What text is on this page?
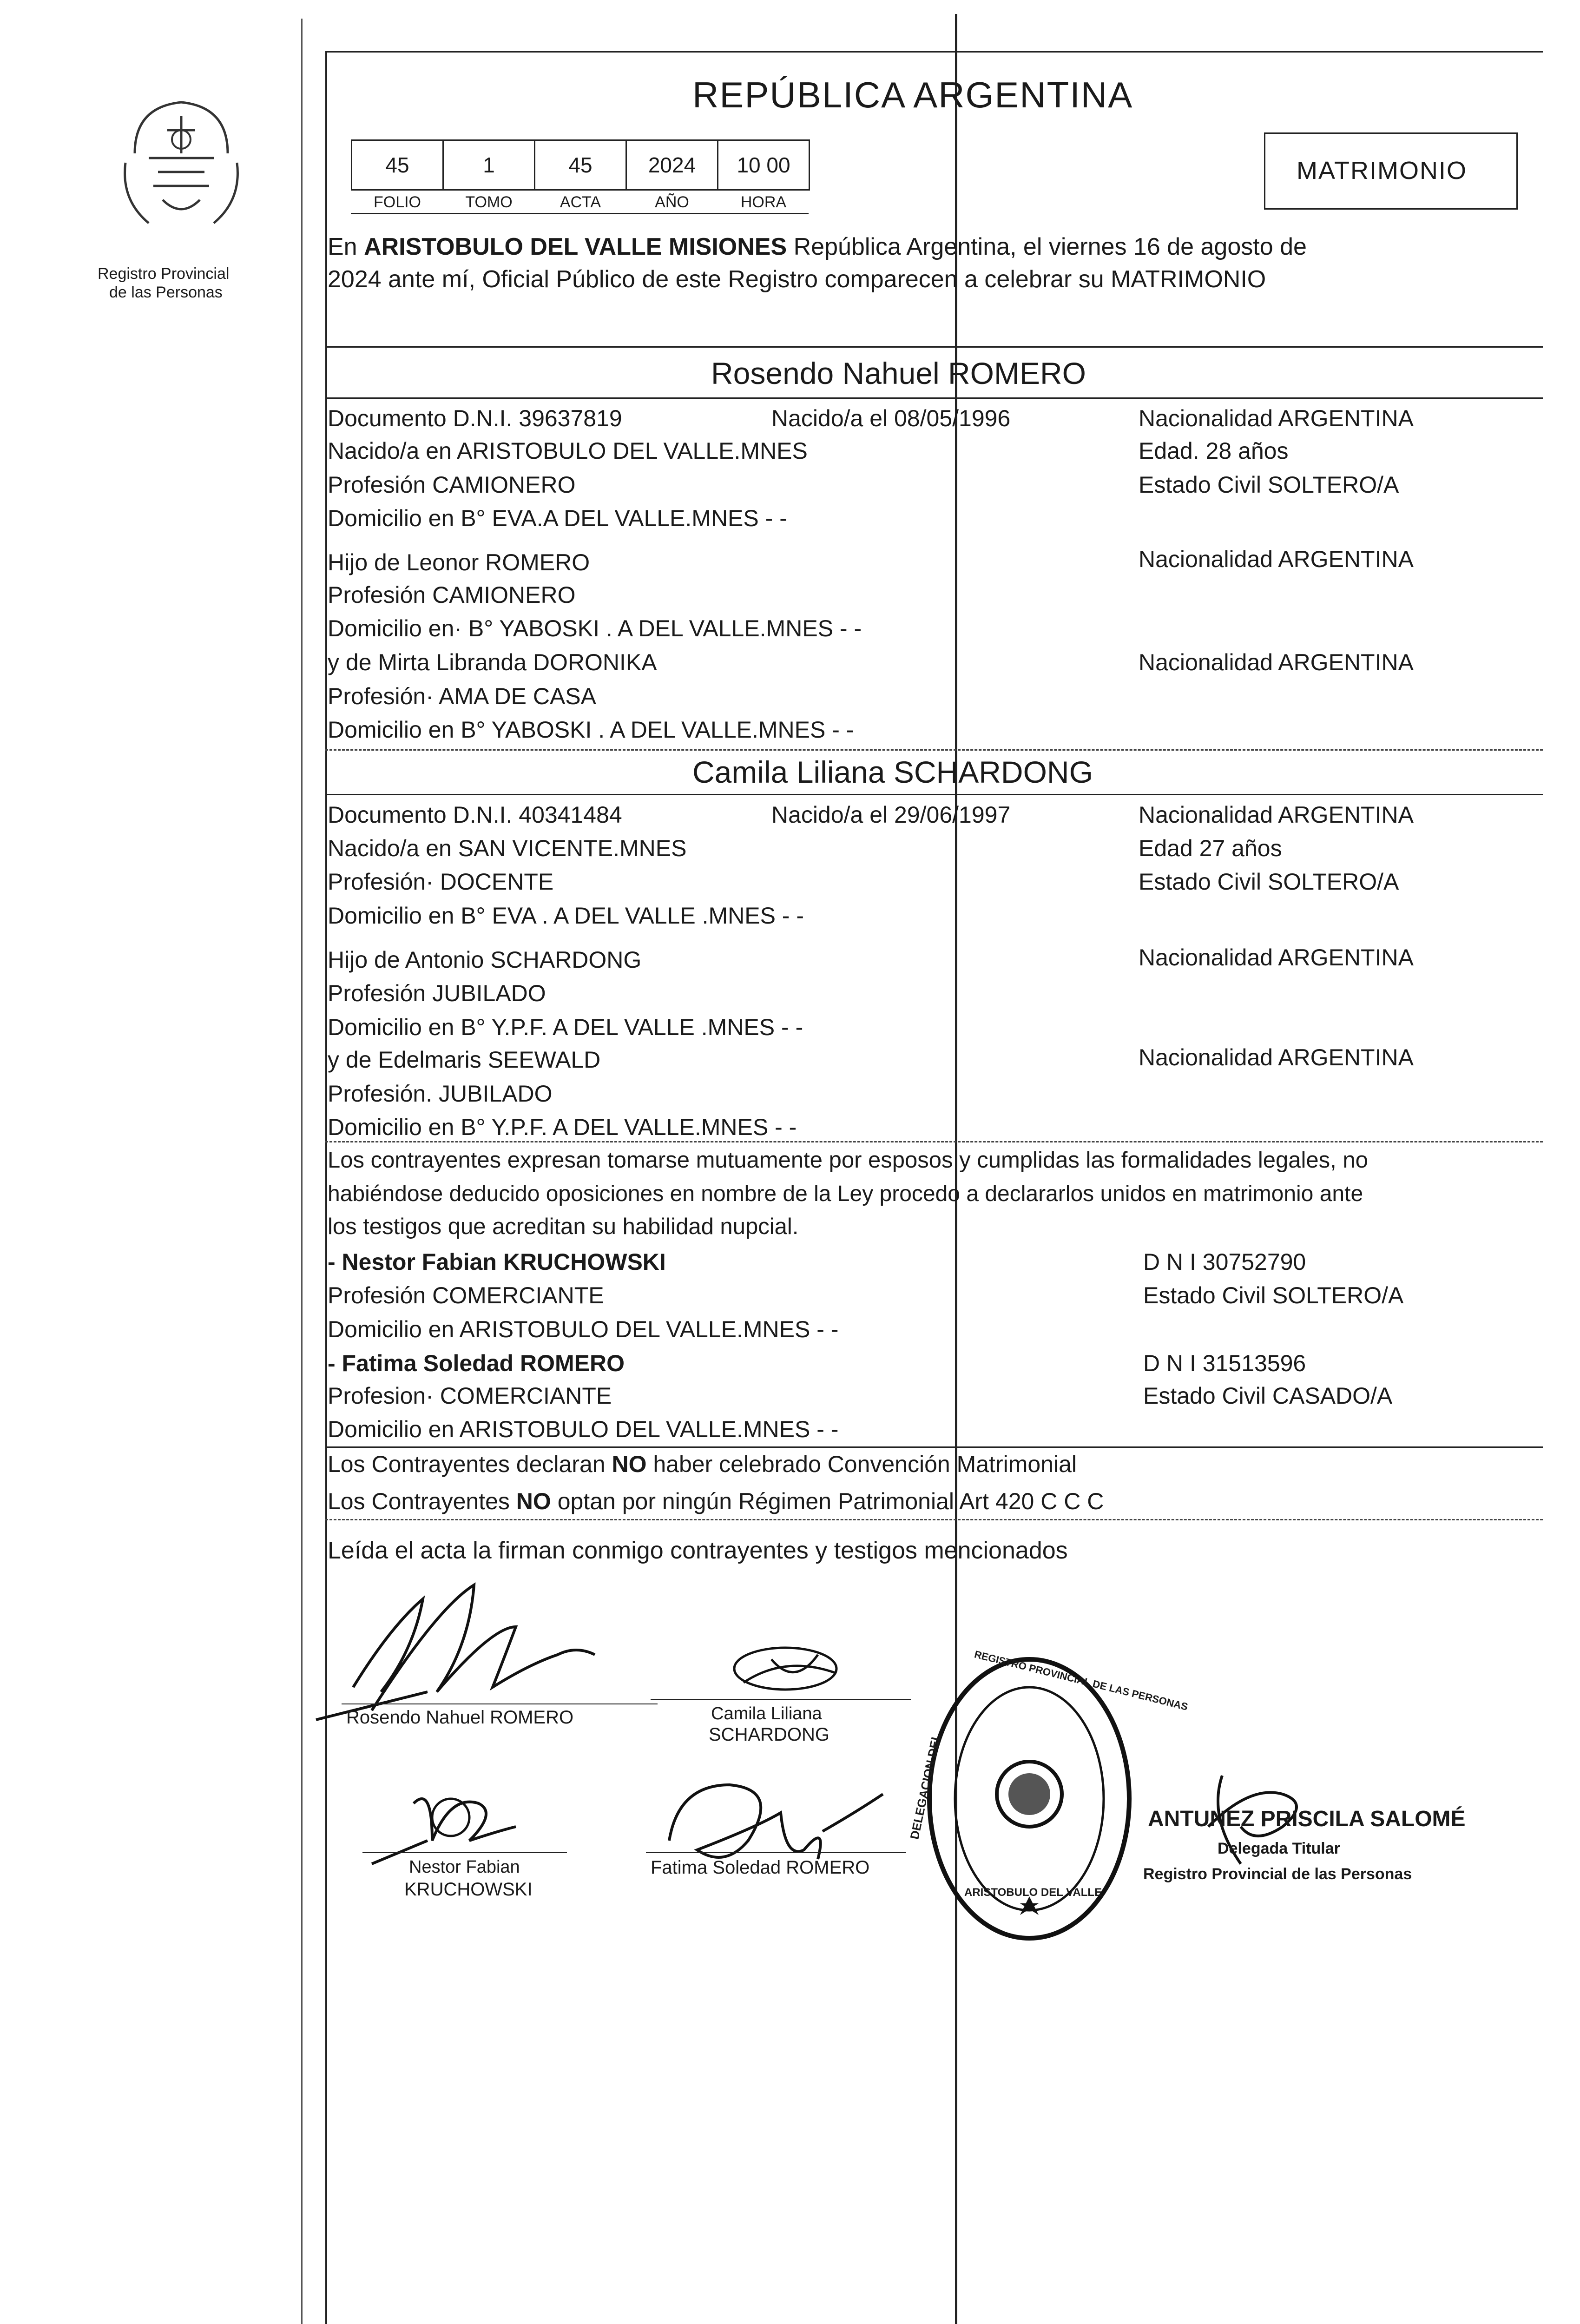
Registro Provincial
de las Personas
REPÚBLICA ARGENTINA
MATRIMONIO
45	1	45	2024	10 00
FOLIO	TOMO	ACTA	AÑO	HORA
En ARISTOBULO DEL VALLE MISIONES República Argentina, el viernes 16 de agosto de
2024 ante mí, Oficial Público de este Registro comparecen a celebrar su MATRIMONIO
Rosendo Nahuel ROMERO
Documento D.N.I. 39637819	Nacido/a el 08/05/1996	Nacionalidad ARGENTINA
Nacido/a en ARISTOBULO DEL VALLE.MNES	Edad. 28 años
Profesión CAMIONERO	Estado Civil SOLTERO/A
Domicilio en B° EVA.A DEL VALLE.MNES - -
Hijo de Leonor ROMERO	Nacionalidad ARGENTINA
Profesión CAMIONERO
Domicilio en· B° YABOSKI . A DEL VALLE.MNES - -
y de Mirta Libranda DORONIKA	Nacionalidad ARGENTINA
Profesión· AMA DE CASA
Domicilio en B° YABOSKI . A DEL VALLE.MNES - -
Camila Liliana SCHARDONG
Documento D.N.I. 40341484	Nacido/a el 29/06/1997	Nacionalidad ARGENTINA
Nacido/a en SAN VICENTE.MNES	Edad 27 años
Profesión· DOCENTE	Estado Civil SOLTERO/A
Domicilio en B° EVA . A DEL VALLE .MNES - -
Hijo de Antonio SCHARDONG	Nacionalidad ARGENTINA
Profesión JUBILADO
Domicilio en B° Y.P.F. A DEL VALLE .MNES - -
y de Edelmaris SEEWALD	Nacionalidad ARGENTINA
Profesión. JUBILADO
Domicilio en B° Y.P.F. A DEL VALLE.MNES - -
Los contrayentes expresan tomarse mutuamente por esposos y cumplidas las formalidades legales, no
habiéndose deducido oposiciones en nombre de la Ley procedo a declararlos unidos en matrimonio ante
los testigos que acreditan su habilidad nupcial.
- Nestor Fabian KRUCHOWSKI	D N I 30752790
Profesión COMERCIANTE	Estado Civil SOLTERO/A
Domicilio en ARISTOBULO DEL VALLE.MNES - -
- Fatima Soledad ROMERO	D N I 31513596
Profesion· COMERCIANTE	Estado Civil CASADO/A
Domicilio en ARISTOBULO DEL VALLE.MNES - -
Los Contrayentes declaran NO haber celebrado Convención Matrimonial
Los Contrayentes NO optan por ningún Régimen Patrimonial Art 420 C C C
Leída el acta la firman conmigo contrayentes y testigos mencionados
Rosendo Nahuel ROMERO	Camila Liliana
SCHARDONG
Nestor Fabian
KRUCHOWSKI
Fatima Soledad ROMERO
REGISTRO PROVINCIAL DE LAS PERSONAS
DELEGACION DEL
ARISTOBULO DEL VALLE
ANTUNEZ PRISCILA SALOMÉ
Delegada Titular
Registro Provincial de las Personas
